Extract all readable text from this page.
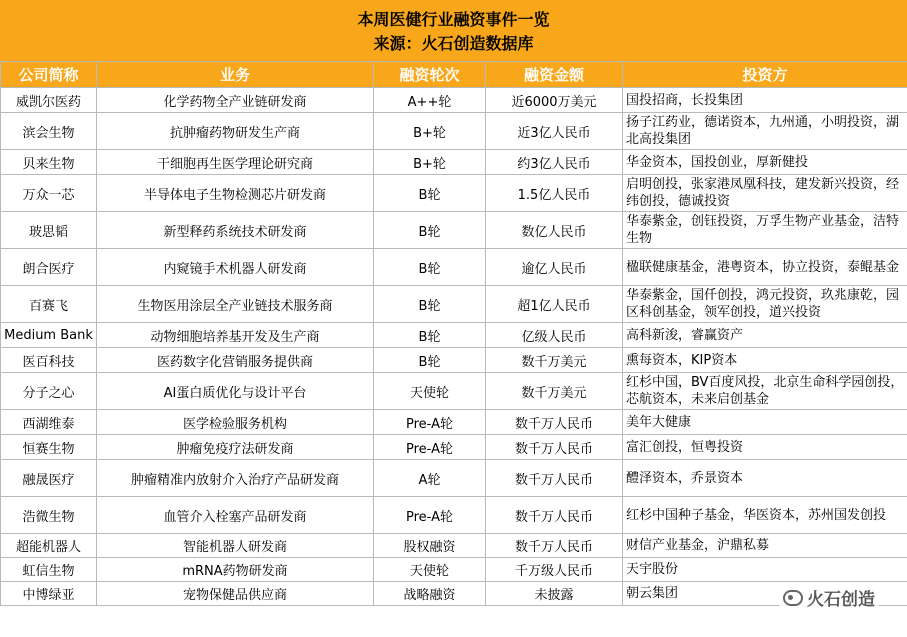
本周医健行业融资事件一览
来源：火石创造数据库
公司简称	业务	融资轮次	融资金额	投资方
威凯尔医药	化学药物全产业链研发商	A++轮	近6000万美元	国投招商，长投集团
滨会生物	抗肿瘤药物研发生产商	B+轮	近3亿人民币	扬子江药业，德诺资本，九州通，小明投资，湖北高投集团
贝来生物	干细胞再生医学理论研究商	B+轮	约3亿人民币	华金资本，国投创业，厚新健投
万众一芯	半导体电子生物检测芯片研发商	B轮	1.5亿人民币	启明创投，张家港凤凰科技，建发新兴投资，经纬创投，德诚投资
玻思韬	新型释药系统技术研发商	B轮	数亿人民币	华泰紫金，创钰投资，万孚生物产业基金，洁特生物
朗合医疗	内窥镜手术机器人研发商	B轮	逾亿人民币	楹联健康基金，港粤资本，协立投资，泰鲲基金
百赛飞	生物医用涂层全产业链技术服务商	B轮	超1亿人民币	华泰紫金，国仟创投，鸿元投资，玖兆康乾，园区科创基金，领军创投，道兴投资
Medium Bank	动物细胞培养基开发及生产商	B轮	亿级人民币	高科新浚，睿赢资产
医百科技	医药数字化营销服务提供商	B轮	数千万美元	熏每资本，KIP资本
分子之心	AI蛋白质优化与设计平台	天使轮	数千万美元	红杉中国，BV百度风投，北京生命科学园创投，芯航资本，未来启创基金
西湖维泰	医学检验服务机构	Pre-A轮	数千万人民币	美年大健康
恒赛生物	肿瘤免疫疗法研发商	Pre-A轮	数千万人民币	富汇创投，恒粤投资
融晟医疗	肿瘤精准内放射介入治疗产品研发商	A轮	数千万人民币	醴泽资本，乔景资本
浩微生物	血管介入栓塞产品研发商	Pre-A轮	数千万人民币	红杉中国种子基金，华医资本，苏州国发创投
超能机器人	智能机器人研发商	股权融资	数千万人民币	财信产业基金，沪鼎私募
虹信生物	mRNA药物研发商	天使轮	千万级人民币	天宇股份
中博绿亚	宠物保健品供应商	战略融资	未披露	朝云集团	火石创造
